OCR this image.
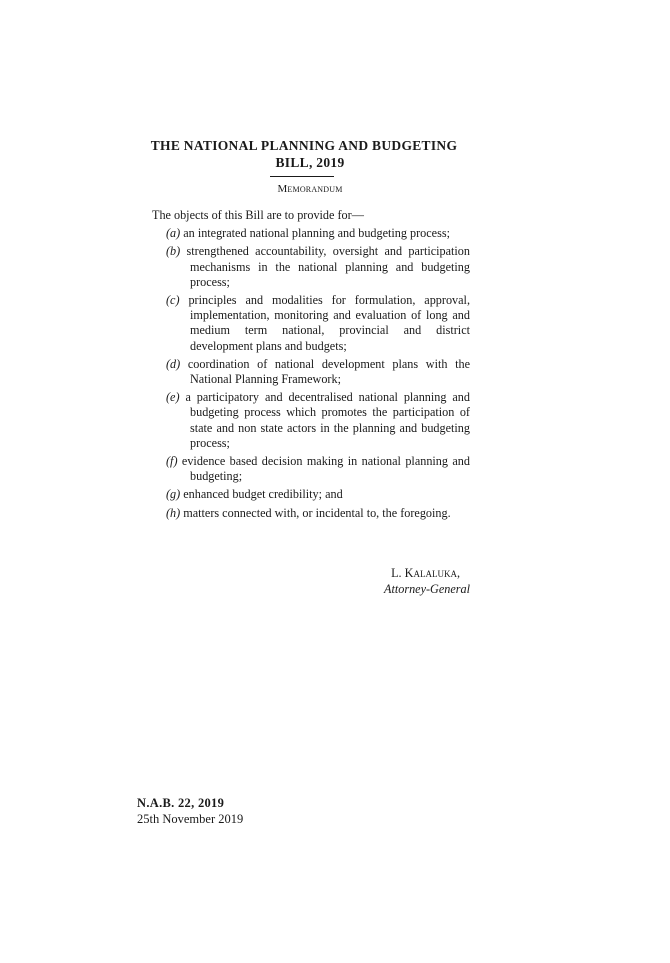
THE NATIONAL PLANNING AND BUDGETING
BILL, 2019
Memorandum

The objects of this Bill are to provide for—

(a) an integrated national planning and budgeting process;

(b) strengthened accountability, oversight and participation mechanisms in the national planning and budgeting process;

(c) principles and modalities for formulation, approval, implementation, monitoring and evaluation of long and medium term national, provincial and district development plans and budgets;

(d) coordination of national development plans with the National Planning Framework;

(e) a participatory and decentralised national planning and budgeting process which promotes the participation of state and non state actors in the planning and budgeting process;

(f) evidence based decision making in national planning and budgeting;

(g) enhanced budget credibility; and

(h) matters connected with, or incidental to, the foregoing.

L. Kalaluka,
Attorney-General
N.A.B. 22, 2019
25th November 2019
